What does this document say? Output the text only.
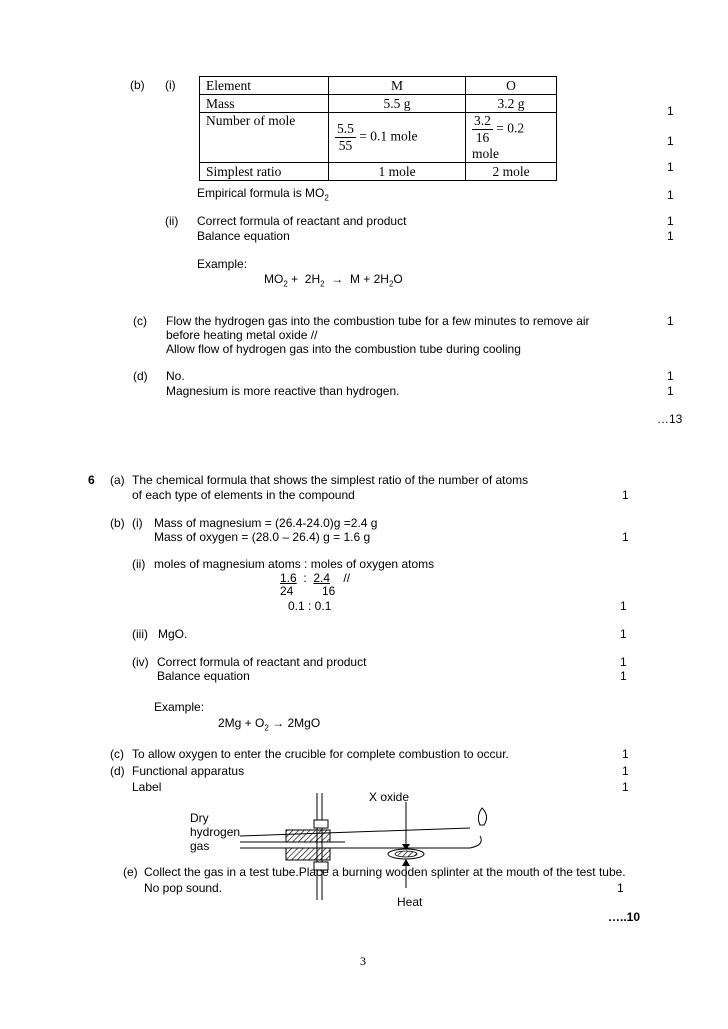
(b) (i) Element	M	O
Mass	5.5 g	3.2 g
Number of mole	$\frac{5.5}{55} = 0.1$ mole	$\frac{3.2}{16} = 0.2$ mole
Simplest ratio	1 mole	2 mole
1
1
1
Empirical formula is $MO_2$	1
(ii) Correct formula of reactant and product
Balance equation
1
1
Example:
$MO_2 + 2H_2 \to M + 2H_2O$
(c) Flow the hydrogen gas into the combustion tube for a few minutes to remove air
before heating metal oxide //
Allow flow of hydrogen gas into the combustion tube during cooling
1
(d) No.
Magnesium is more reactive than hydrogen.
1
1
…13
6 (a) The chemical formula that shows the simplest ratio of the number of atoms
of each type of elements in the compound	1
(b) (i) Mass of magnesium = (26.4-24.0)g =2.4 g
Mass of oxygen = (28.0 – 26.4) g = 1.6 g	1
(ii) moles of magnesium atoms : moles of oxygen atoms
1.6  :  2.4    //
24 16
0.1 : 0.1	1
(iii) MgO.	1
(iv) Correct formula of reactant and product
Balance equation
1
1
Example:
$2Mg + O_2 \to 2MgO$
(c) To allow oxygen to enter the crucible for complete combustion to occur.	1
(d) Functional apparatus	1
Label	1
X oxide
Dry
hydrogen
gas
(e) Collect the gas in a test tube.Place a burning wooden splinter at the mouth of the test tube.
No pop sound.	1
Heat
…..10
3
